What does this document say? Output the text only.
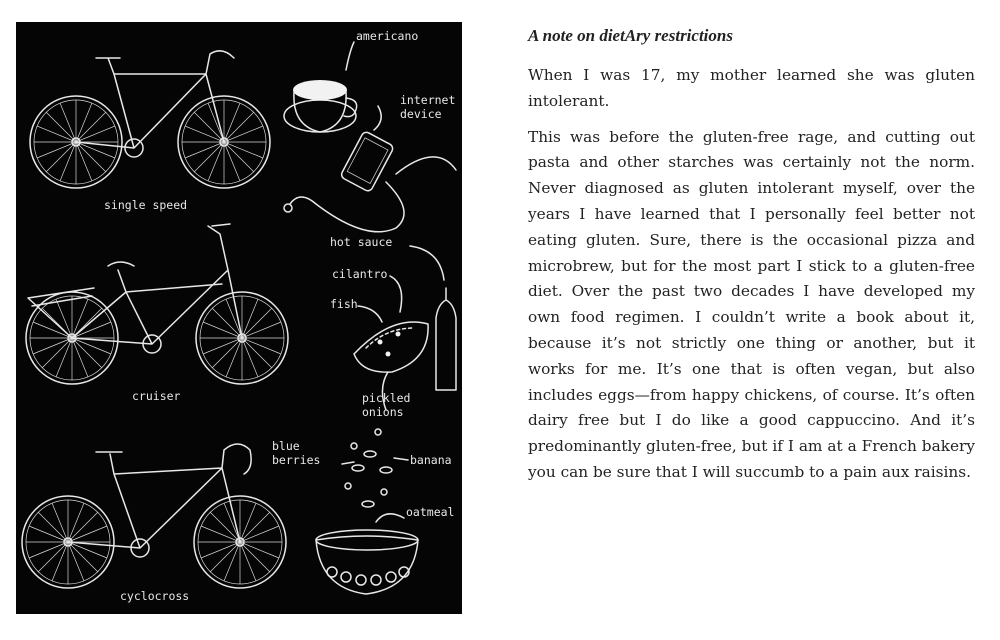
single speed
americano
internet
device
cruiser
hot sauce
cilantro
fish
pickled
onions
cyclocross
blue
berries	banana
oatmeal
A note on dietAry restrictions

When I was 17, my mother learned she was gluten intolerant.

This was before the gluten-free rage, and cutting out pasta and other starches was certainly not the norm. Never diagnosed as gluten intolerant myself, over the years I have learned that I personally feel better not eating gluten. Sure, there is the occasional pizza and microbrew, but for the most part I stick to a gluten-free diet. Over the past two decades I have developed my own food regimen. I couldn’t write a book about it, because it’s not strictly one thing or another, but it works for me. It’s one that is often vegan, but also includes eggs—from happy chickens, of course. It’s often dairy free but I do like a good cappuccino. And it’s predominantly gluten-free, but if I am at a French bakery you can be sure that I will succumb to a pain aux raisins.
